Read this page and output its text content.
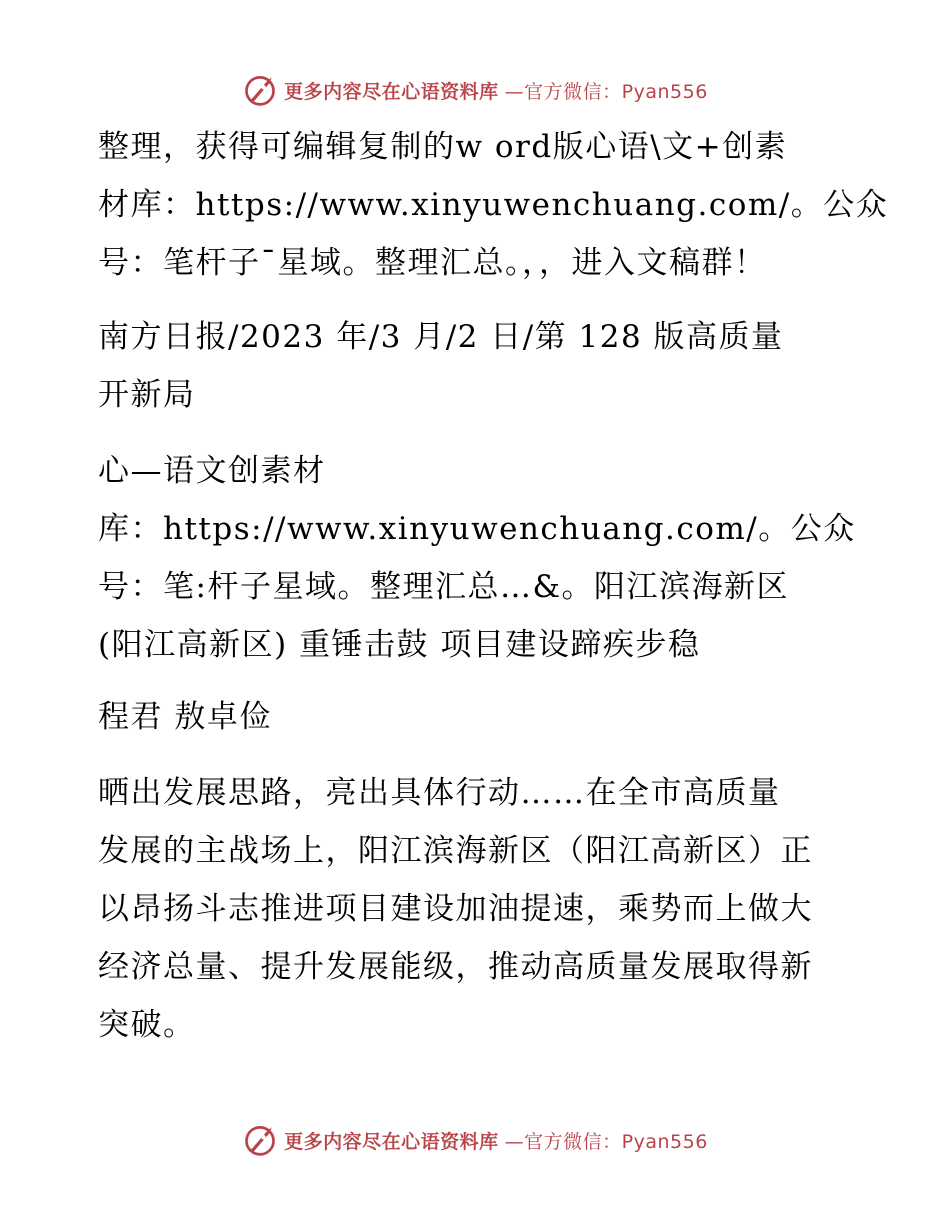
更多内容尽在心语资料库 —官方微信：Pyan556
整理，获得可编辑复制的w ord版心语\文+创素
材库：https://www.xinyuwenchuang.com/。公众
号：笔杆子¯星域。整理汇总。，，进入文稿群！
南方日报/2023 年/3 月/2 日/第 128 版高质量
开新局
心—语文创素材
库：https://www.xinyuwenchuang.com/。公众
号：笔:杆子星域。整理汇总…&。阳江滨海新区
(阳江高新区) 重锤击鼓 项目建设蹄疾步稳
程君 敖卓俭
晒出发展思路，亮出具体行动……在全市高质量
发展的主战场上，阳江滨海新区（阳江高新区）正
以昂扬斗志推进项目建设加油提速，乘势而上做大
经济总量、提升发展能级，推动高质量发展取得新
突破。
更多内容尽在心语资料库 —官方微信：Pyan556
